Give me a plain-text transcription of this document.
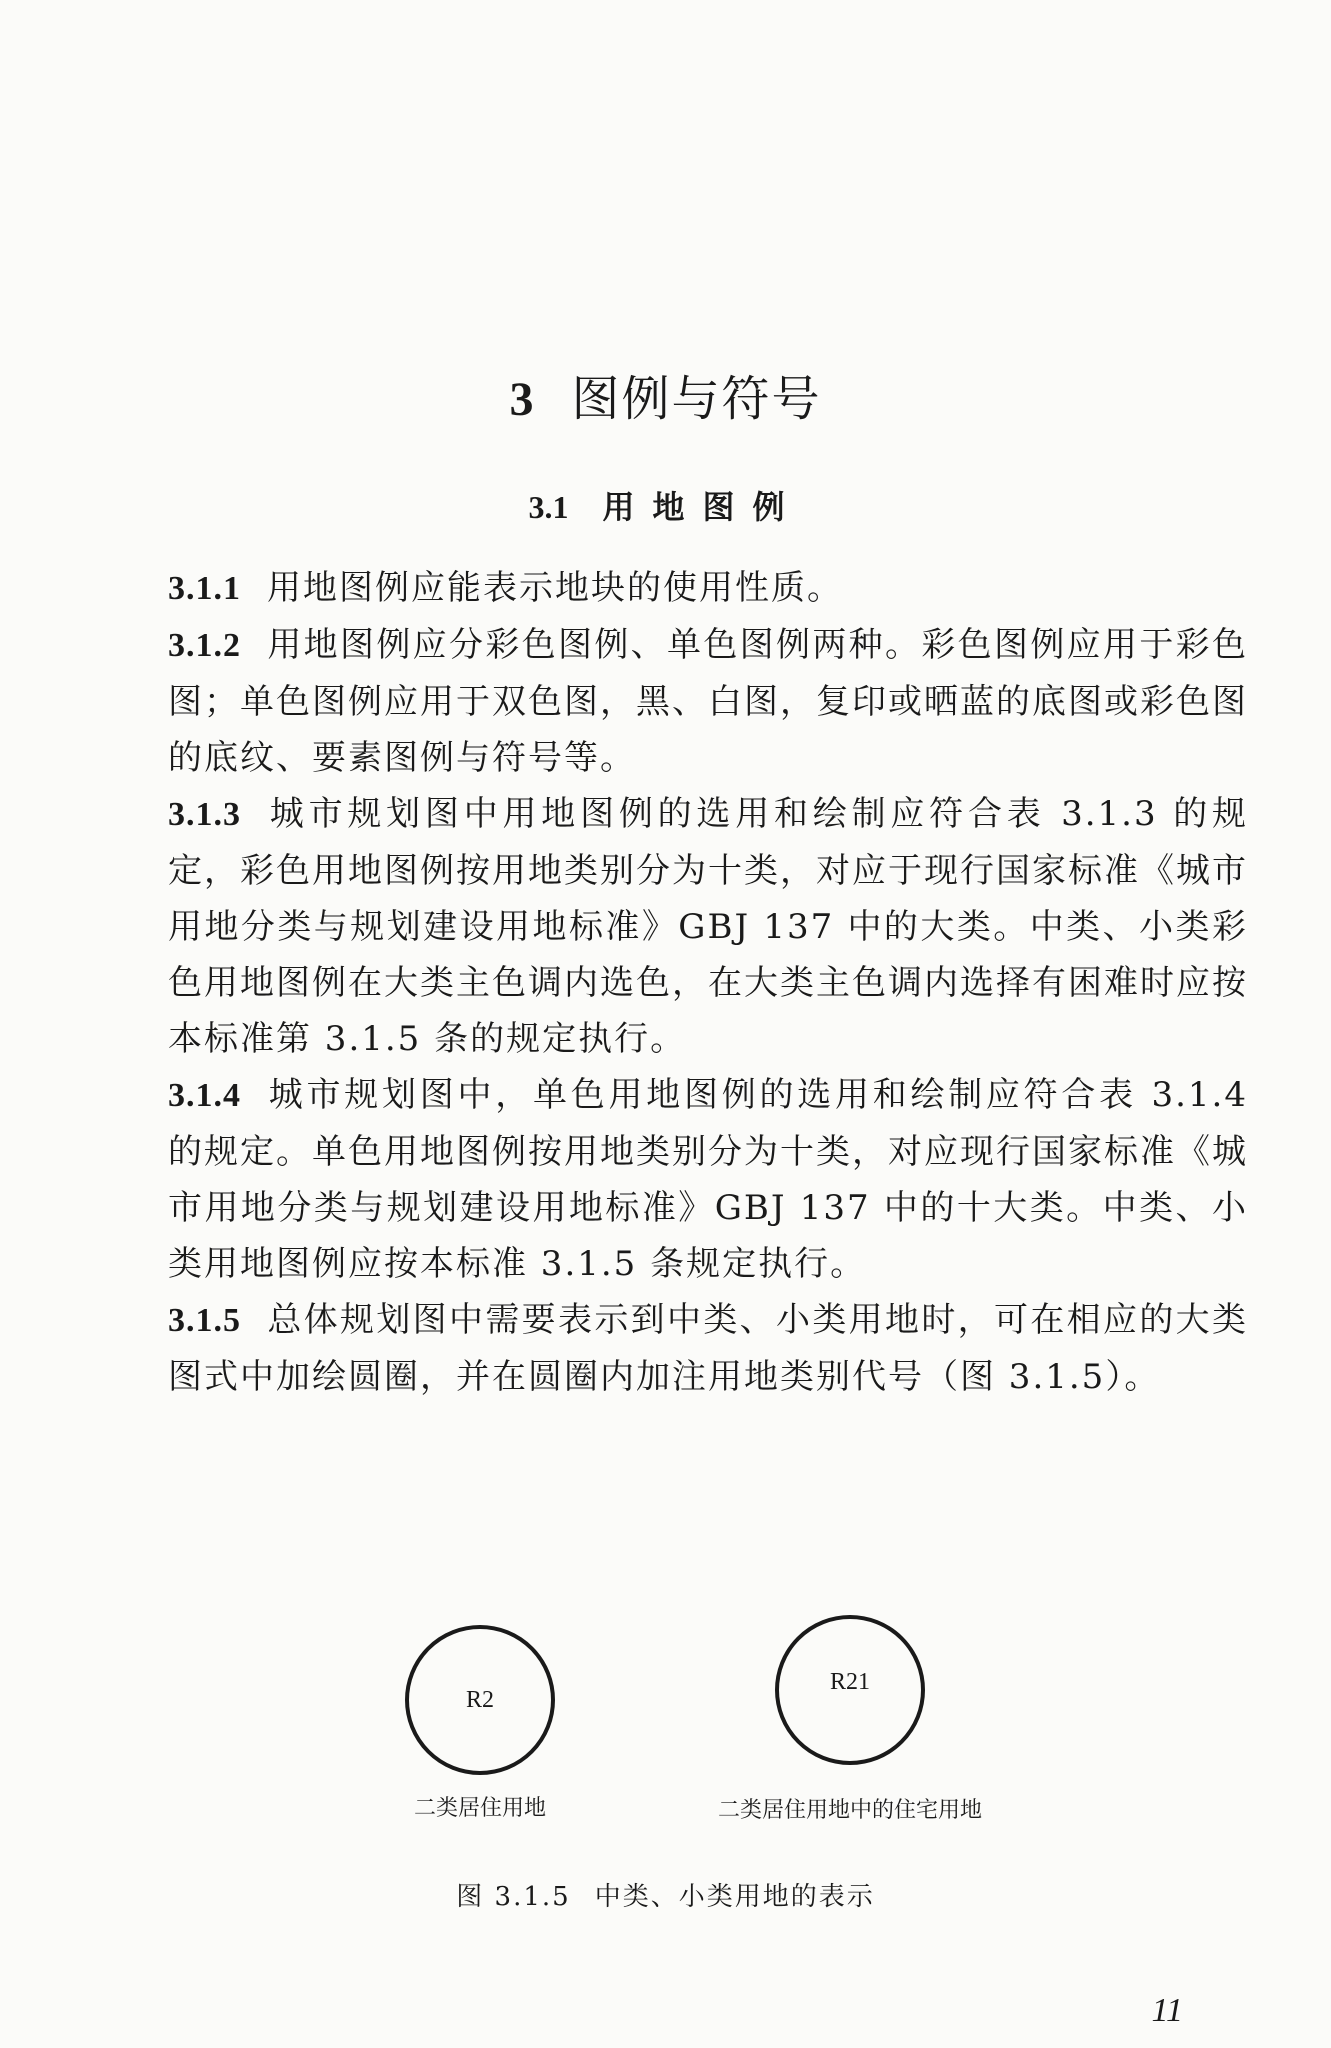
3 图例与符号
3.1 用地图例

3.1.1 用地图例应能表示地块的使用性质。

3.1.2 用地图例应分彩色图例、单色图例两种。彩色图例应用于彩色图；单色图例应用于双色图，黑、白图，复印或晒蓝的底图或彩色图的底纹、要素图例与符号等。

3.1.3 城市规划图中用地图例的选用和绘制应符合表 3.1.3 的规定，彩色用地图例按用地类别分为十类，对应于现行国家标准《城市用地分类与规划建设用地标准》GBJ 137 中的大类。中类、小类彩色用地图例在大类主色调内选色，在大类主色调内选择有困难时应按本标准第 3.1.5 条的规定执行。

3.1.4 城市规划图中，单色用地图例的选用和绘制应符合表 3.1.4 的规定。单色用地图例按用地类别分为十类，对应现行国家标准《城市用地分类与规划建设用地标准》GBJ 137 中的十大类。中类、小类用地图例应按本标准 3.1.5 条规定执行。

3.1.5 总体规划图中需要表示到中类、小类用地时，可在相应的大类图式中加绘圆圈，并在圆圈内加注用地类别代号（图 3.1.5）。

R2
二类居住用地
R21
二类居住用地中的住宅用地
图 3.1.5 中类、小类用地的表示
11
